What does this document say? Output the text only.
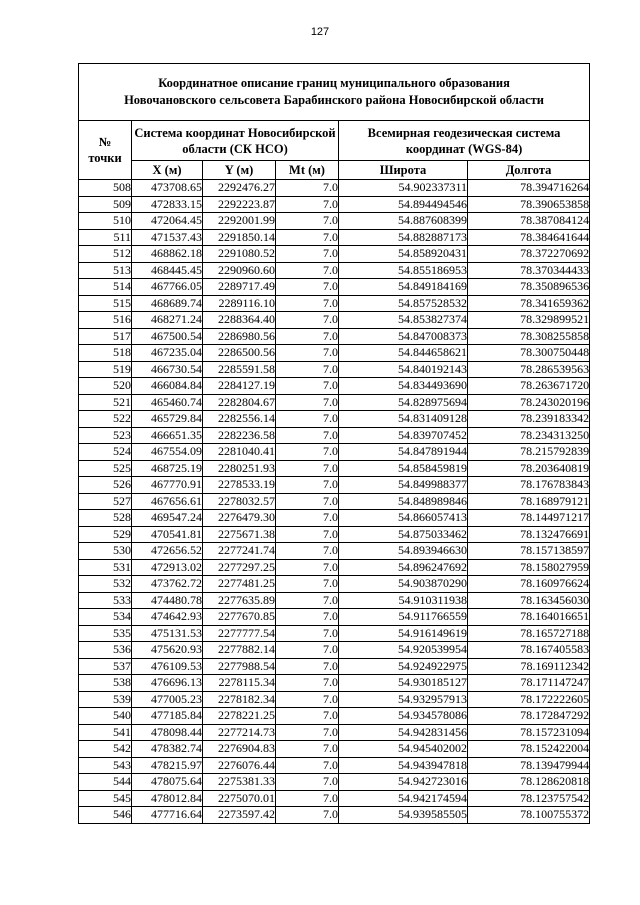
127
Координатное описание границ муниципального образования
Новочановского сельсовета Барабинского района Новосибирской области					

№
точки	Система координат Новосибирской области (СК НСО)			Всемирная геодезическая система координат (WGS-84)	
	X (м)	Y (м)	Mt (м)	Широта	Долгота
508	473708.65	2292476.27	7.0	54.902337311	78.394716264
509	472833.15	2292223.87	7.0	54.894494546	78.390653858
510	472064.45	2292001.99	7.0	54.887608399	78.387084124
511	471537.43	2291850.14	7.0	54.882887173	78.384641644
512	468862.18	2291080.52	7.0	54.858920431	78.372270692
513	468445.45	2290960.60	7.0	54.855186953	78.370344433
514	467766.05	2289717.49	7.0	54.849184169	78.350896536
515	468689.74	2289116.10	7.0	54.857528532	78.341659362
516	468271.24	2288364.40	7.0	54.853827374	78.329899521
517	467500.54	2286980.56	7.0	54.847008373	78.308255858
518	467235.04	2286500.56	7.0	54.844658621	78.300750448
519	466730.54	2285591.58	7.0	54.840192143	78.286539563
520	466084.84	2284127.19	7.0	54.834493690	78.263671720
521	465460.74	2282804.67	7.0	54.828975694	78.243020196
522	465729.84	2282556.14	7.0	54.831409128	78.239183342
523	466651.35	2282236.58	7.0	54.839707452	78.234313250
524	467554.09	2281040.41	7.0	54.847891944	78.215792839
525	468725.19	2280251.93	7.0	54.858459819	78.203640819
526	467770.91	2278533.19	7.0	54.849988377	78.176783843
527	467656.61	2278032.57	7.0	54.848989846	78.168979121
528	469547.24	2276479.30	7.0	54.866057413	78.144971217
529	470541.81	2275671.38	7.0	54.875033462	78.132476691
530	472656.52	2277241.74	7.0	54.893946630	78.157138597
531	472913.02	2277297.25	7.0	54.896247692	78.158027959
532	473762.72	2277481.25	7.0	54.903870290	78.160976624
533	474480.78	2277635.89	7.0	54.910311938	78.163456030
534	474642.93	2277670.85	7.0	54.911766559	78.164016651
535	475131.53	2277777.54	7.0	54.916149619	78.165727188
536	475620.93	2277882.14	7.0	54.920539954	78.167405583
537	476109.53	2277988.54	7.0	54.924922975	78.169112342
538	476696.13	2278115.34	7.0	54.930185127	78.171147247
539	477005.23	2278182.34	7.0	54.932957913	78.172222605
540	477185.84	2278221.25	7.0	54.934578086	78.172847292
541	478098.44	2277214.73	7.0	54.942831456	78.157231094
542	478382.74	2276904.83	7.0	54.945402002	78.152422004
543	478215.97	2276076.44	7.0	54.943947818	78.139479944
544	478075.64	2275381.33	7.0	54.942723016	78.128620818
545	478012.84	2275070.01	7.0	54.942174594	78.123757542
546	477716.64	2273597.42	7.0	54.939585505	78.100755372
